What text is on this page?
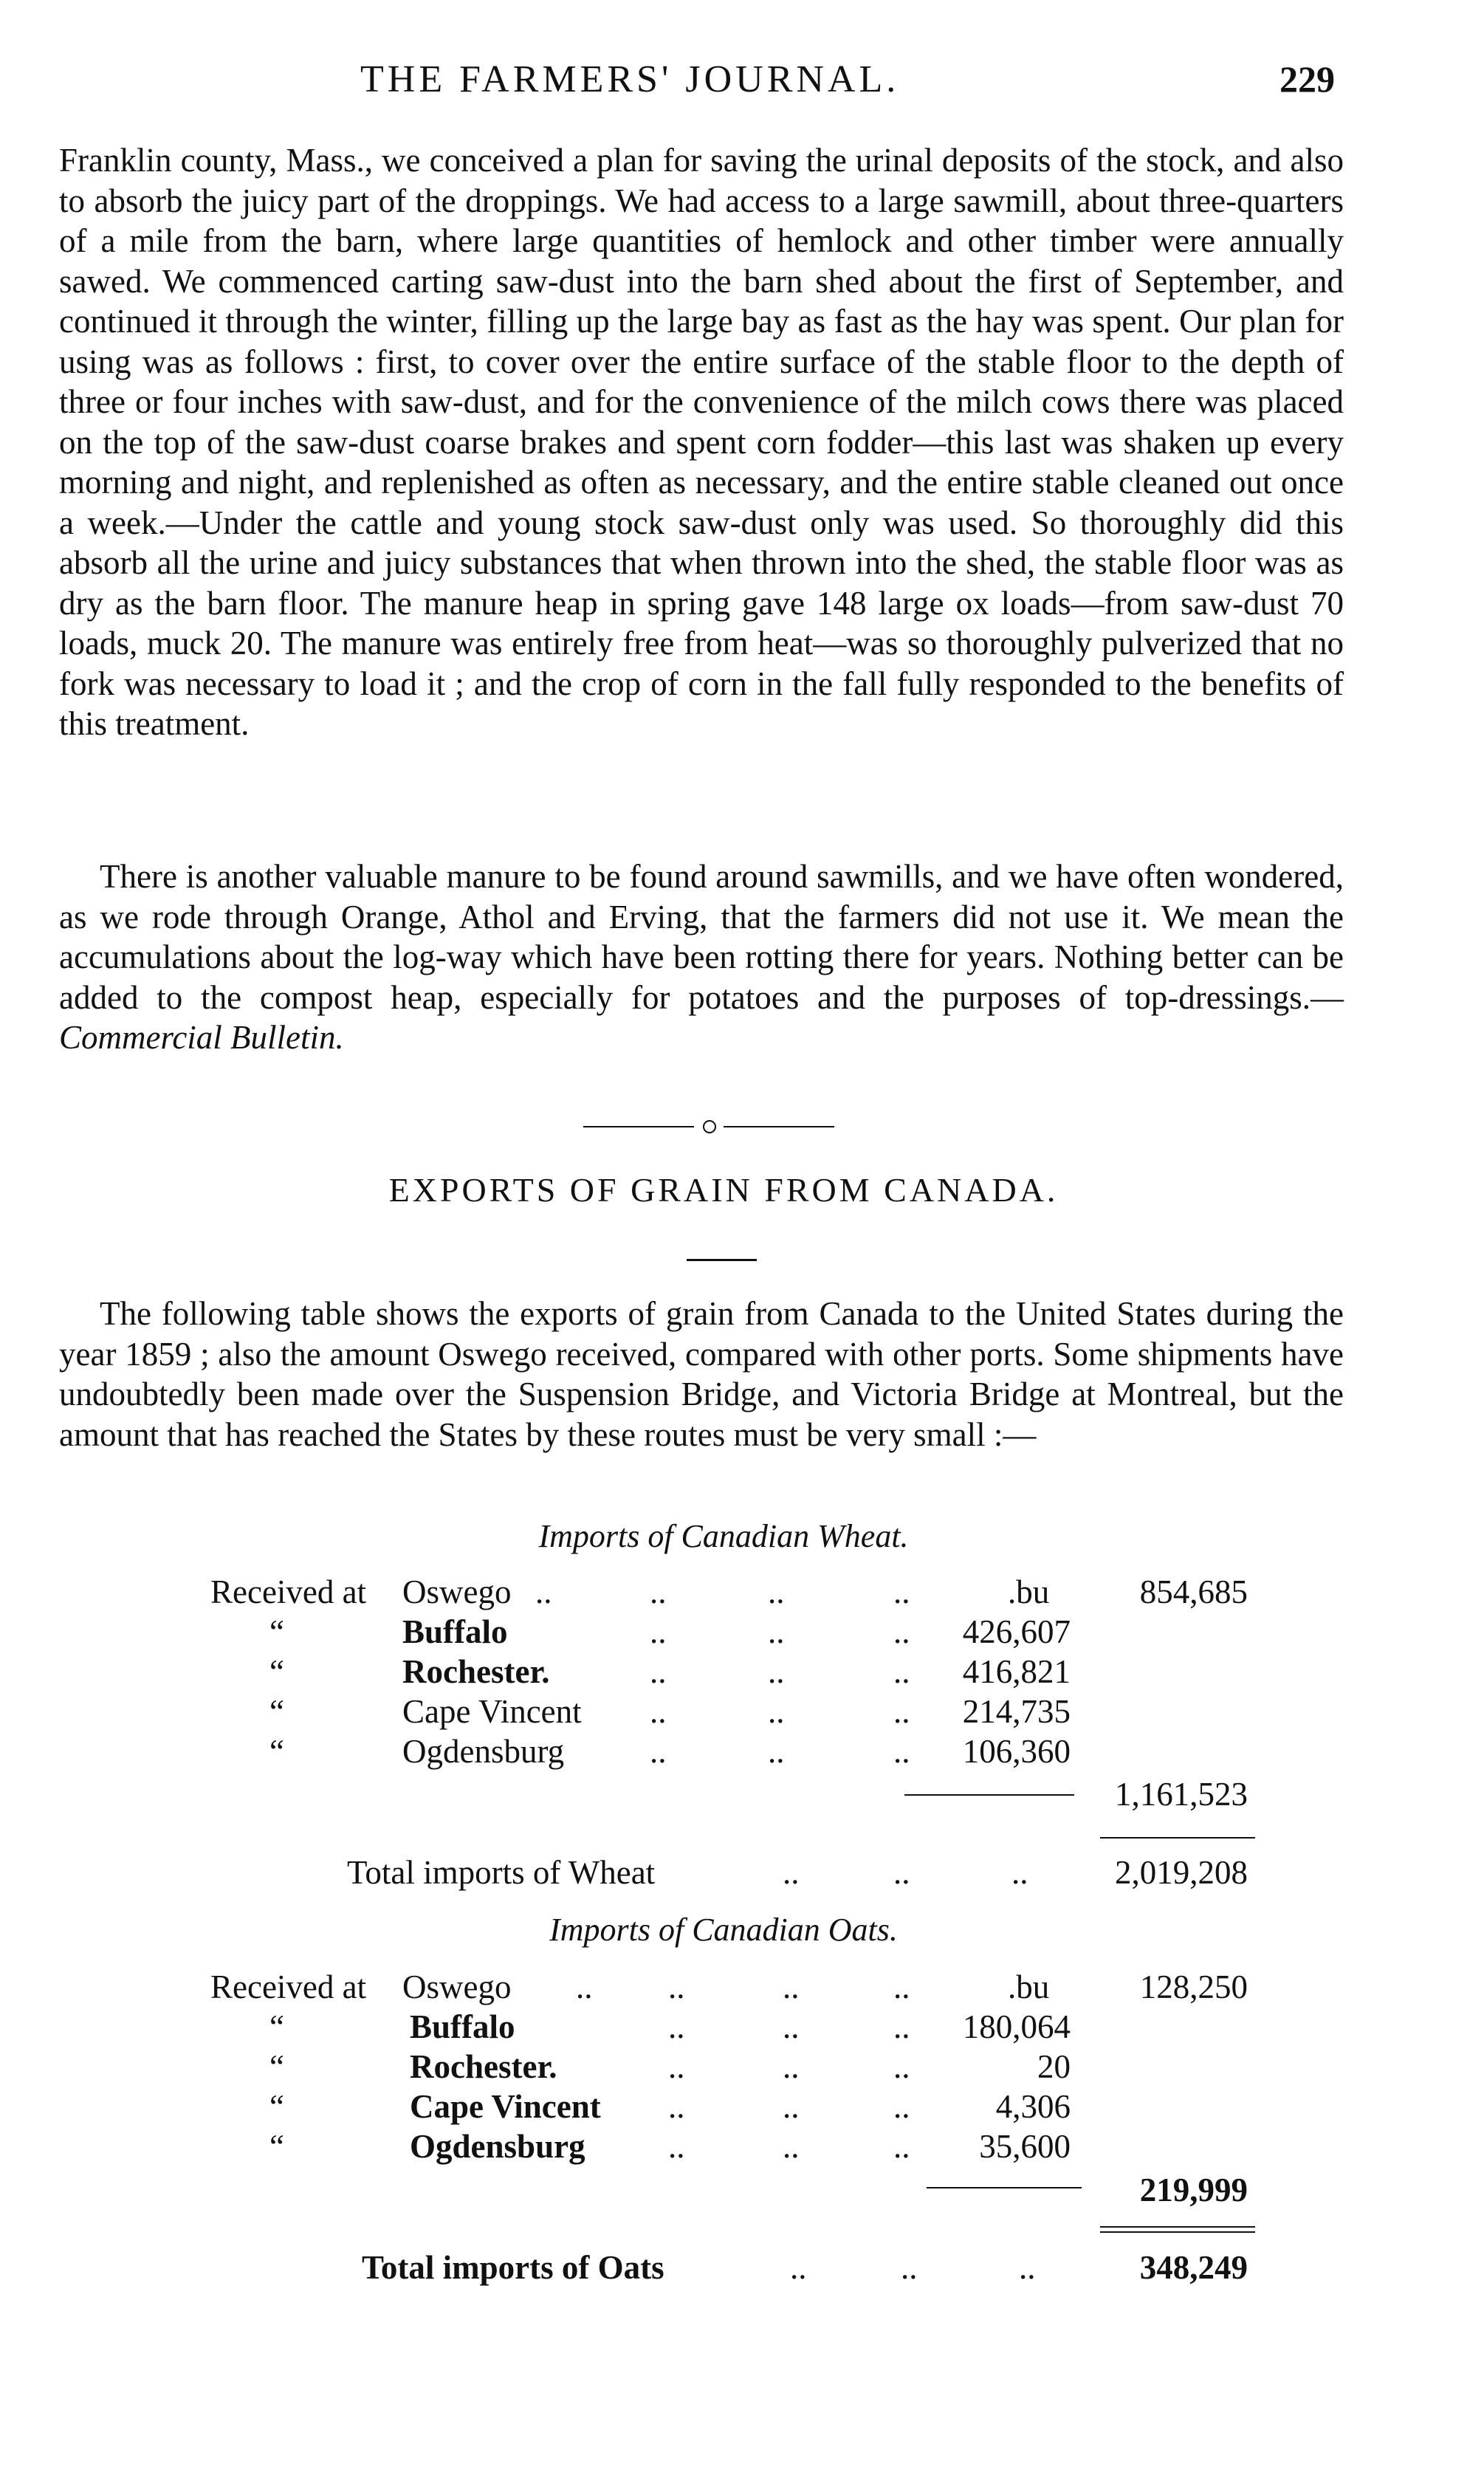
THE FARMERS' JOURNAL.	229

Franklin county, Mass., we conceived a plan for saving the urinal deposits of the stock, and also to absorb the juicy part of the droppings. We had access to a large sawmill, about three-quarters of a mile from the barn, where large quantities of hemlock and other timber were annually sawed. We commenced carting saw-dust into the barn shed about the first of September, and continued it through the winter, filling up the large bay as fast as the hay was spent. Our plan for using was as follows : first, to cover over the entire surface of the stable floor to the depth of three or four inches with saw-dust, and for the convenience of the milch cows there was placed on the top of the saw-dust coarse brakes and spent corn fodder—this last was shaken up every morning and night, and replenished as often as necessary, and the entire stable cleaned out once a week.—Under the cattle and young stock saw-dust only was used. So thoroughly did this absorb all the urine and juicy substances that when thrown into the shed, the stable floor was as dry as the barn floor. The manure heap in spring gave 148 large ox loads—from saw-dust 70 loads, muck 20. The manure was entirely free from heat—was so thoroughly pulverized that no fork was necessary to load it ; and the crop of corn in the fall fully responded to the benefits of this treatment.

There is another valuable manure to be found around sawmills, and we have often wondered, as we rode through Orange, Athol and Erving, that the farmers did not use it. We mean the accumulations about the log-way which have been rotting there for years. Nothing better can be added to the compost heap, especially for potatoes and the purposes of top-dressings.—Commercial Bulletin.

EXPORTS OF GRAIN FROM CANADA.

The following table shows the exports of grain from Canada to the United States during the year 1859 ; also the amount Oswego received, compared with other ports. Some shipments have undoubtedly been made over the Suspension Bridge, and Victoria Bridge at Montreal, but the amount that has reached the States by these routes must be very small :—

Imports of Canadian Wheat.
Received at Oswego ..	..	..	..	.bu	854,685
“	Buffalo	..	..	..	426,607
“	Rochester.	..	..	..	416,821
“	Cape Vincent ..	..	..	214,735
“	Ogdensburg	..	..	..	106,360
1,161,523
Total imports of Wheat	..	..	..	2,019,208
Imports of Canadian Oats.
Received at Oswego .. ..	..	..	.bu	128,250
“	Buffalo	..	..	..	180,064
“	Rochester.	..	..	..	20
“	Cape Vincent ..	..	..	4,306
“	Ogdensburg ..	..	..	35,600
219,999
Total imports of Oats	..	..	..	348,249
